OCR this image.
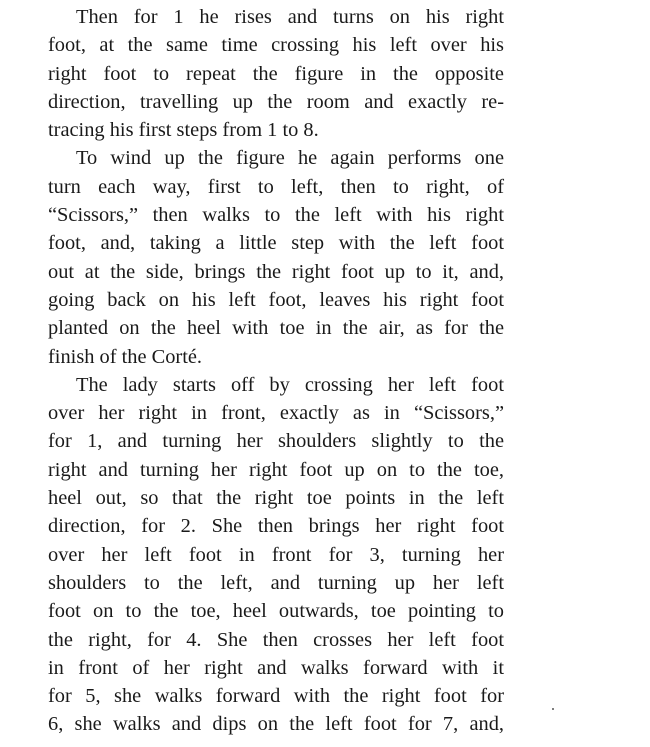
Then for 1 he rises and turns on his right
foot, at the same time crossing his left over his
right foot to repeat the figure in the opposite
direction, travelling up the room and exactly re-
tracing his first steps from 1 to 8.
To wind up the figure he again performs one
turn each way, first to left, then to right, of
“Scissors,” then walks to the left with his right
foot, and, taking a little step with the left foot
out at the side, brings the right foot up to it, and,
going back on his left foot, leaves his right foot
planted on the heel with toe in the air, as for the
finish of the Corté.
The lady starts off by crossing her left foot
over her right in front, exactly as in “Scissors,”
for 1, and turning her shoulders slightly to the
right and turning her right foot up on to the toe,
heel out, so that the right toe points in the left
direction, for 2. She then brings her right foot
over her left foot in front for 3, turning her
shoulders to the left, and turning up her left
foot on to the toe, heel outwards, toe pointing to
the right, for 4. She then crosses her left foot
in front of her right and walks forward with it
for 5, she walks forward with the right foot for
6, she walks and dips on the left foot for 7, and,
